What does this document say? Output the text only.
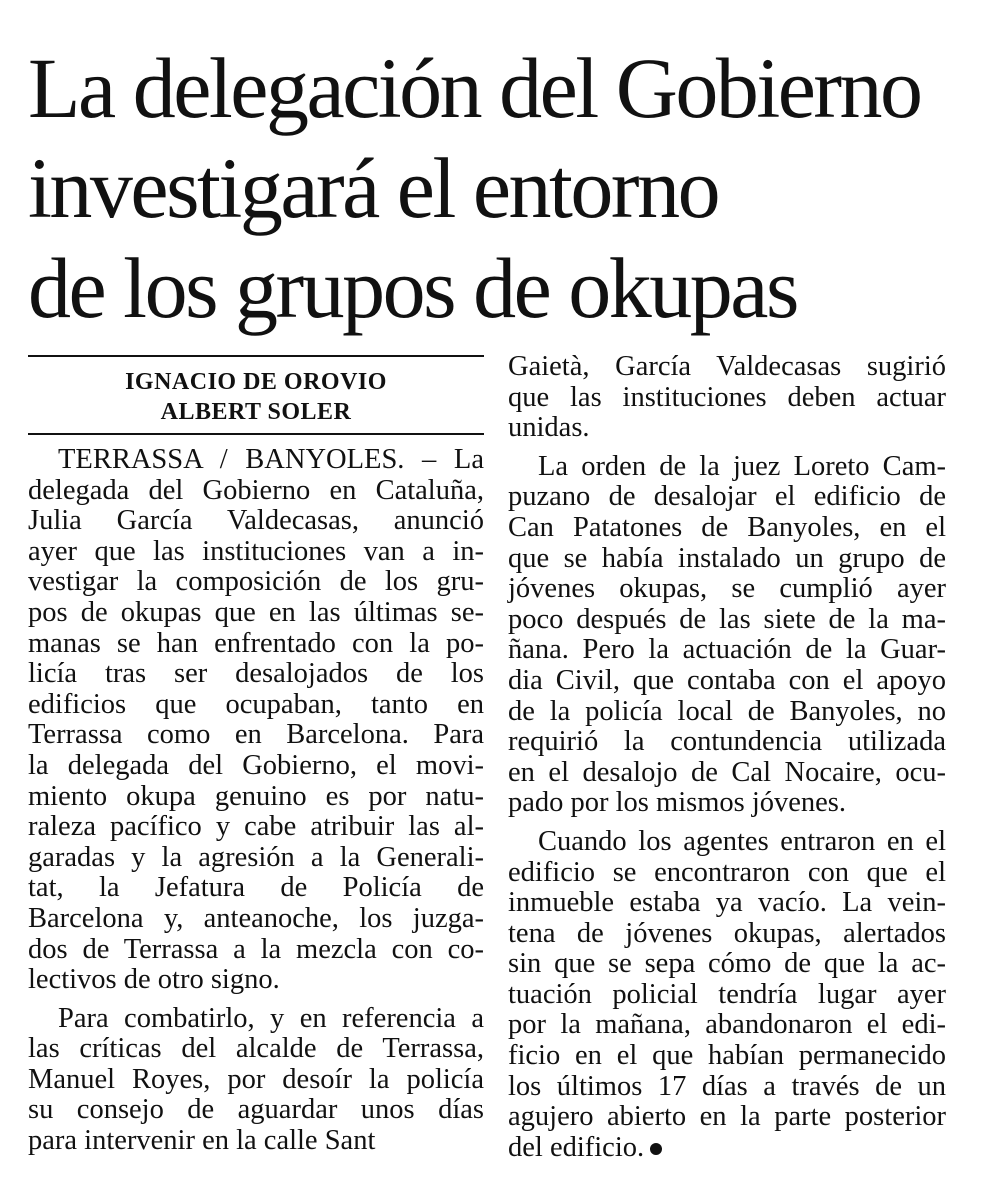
La delegación del Gobierno
investigará el entorno
de los grupos de okupas
IGNACIO DE OROVIO
ALBERT SOLER
TERRASSA / BANYOLES. – La
delegada del Gobierno en Cataluña,
Julia García Valdecasas, anunció
ayer que las instituciones van a in-
vestigar la composición de los gru-
pos de okupas que en las últimas se-
manas se han enfrentado con la po-
licía tras ser desalojados de los
edificios que ocupaban, tanto en
Terrassa como en Barcelona. Para
la delegada del Gobierno, el movi-
miento okupa genuino es por natu-
raleza pacífico y cabe atribuir las al-
garadas y la agresión a la Generali-
tat, la Jefatura de Policía de
Barcelona y, anteanoche, los juzga-
dos de Terrassa a la mezcla con co-
lectivos de otro signo.
Para combatirlo, y en referencia a
las críticas del alcalde de Terrassa,
Manuel Royes, por desoír la policía
su consejo de aguardar unos días
para intervenir en la calle Sant
Gaietà, García Valdecasas sugirió
que las instituciones deben actuar
unidas.
La orden de la juez Loreto Cam-
puzano de desalojar el edificio de
Can Patatones de Banyoles, en el
que se había instalado un grupo de
jóvenes okupas, se cumplió ayer
poco después de las siete de la ma-
ñana. Pero la actuación de la Guar-
dia Civil, que contaba con el apoyo
de la policía local de Banyoles, no
requirió la contundencia utilizada
en el desalojo de Cal Nocaire, ocu-
pado por los mismos jóvenes.
Cuando los agentes entraron en el
edificio se encontraron con que el
inmueble estaba ya vacío. La vein-
tena de jóvenes okupas, alertados
sin que se sepa cómo de que la ac-
tuación policial tendría lugar ayer
por la mañana, abandonaron el edi-
ficio en el que habían permanecido
los últimos 17 días a través de un
agujero abierto en la parte posterior
del edificio.
